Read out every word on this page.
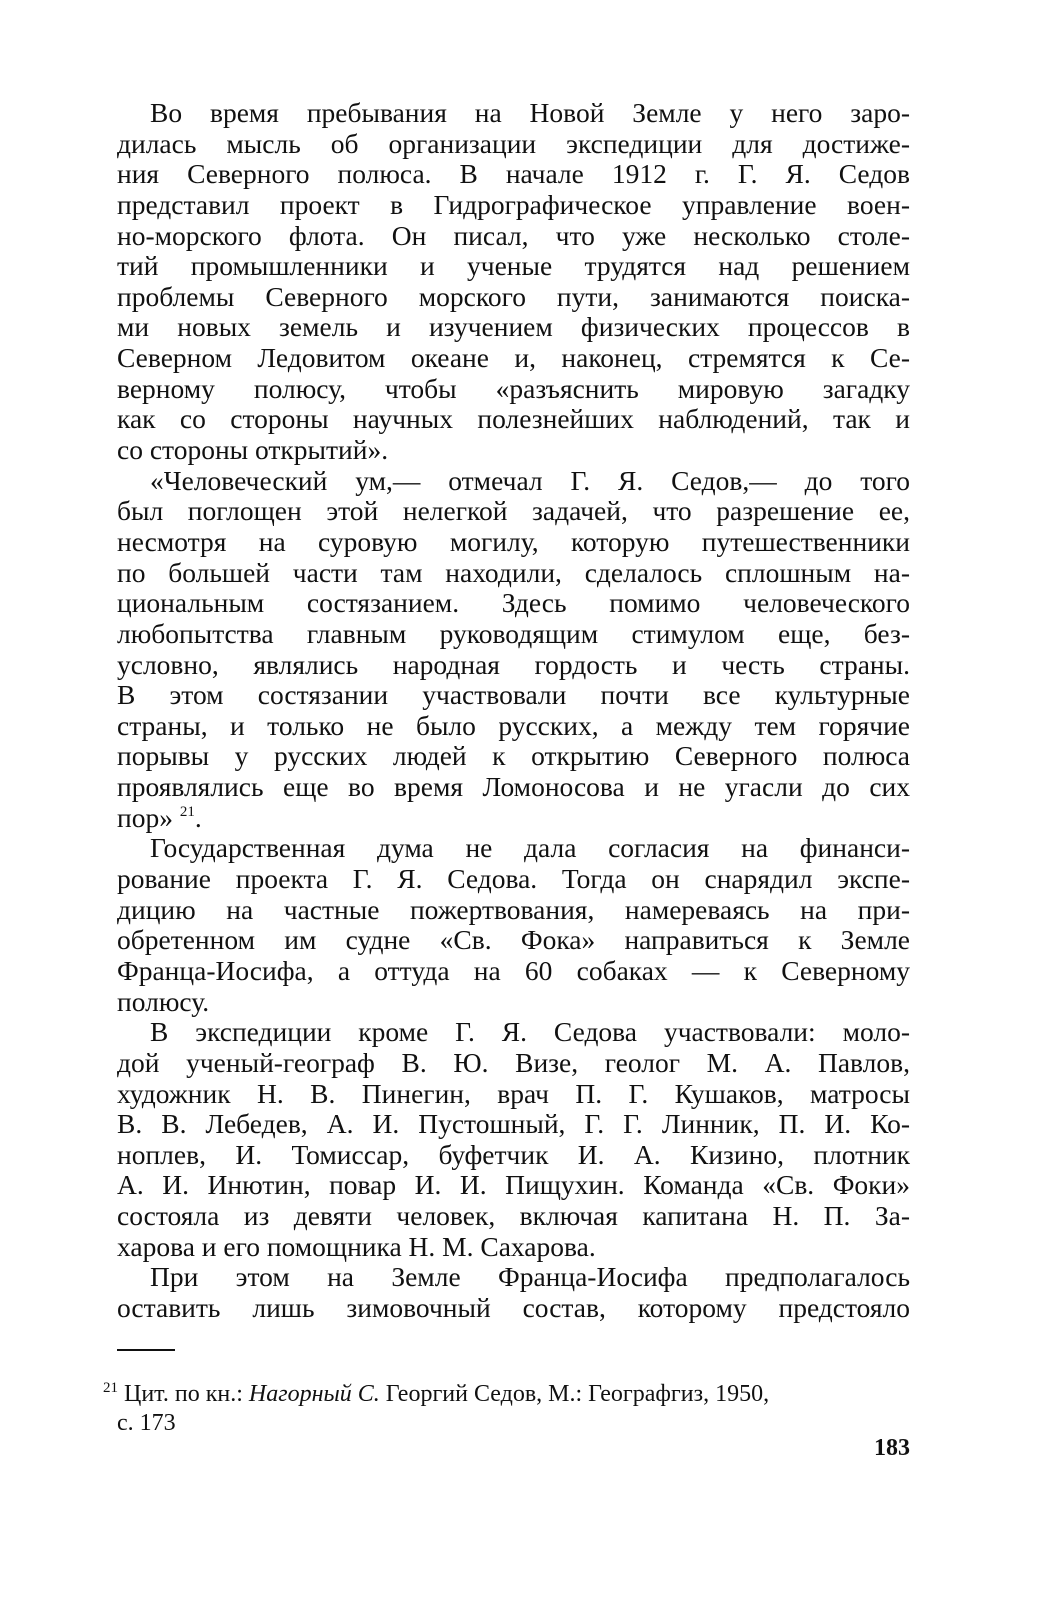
Во время пребывания на Новой Земле у него заро-
дилась мысль об организации экспедиции для достиже-
ния Северного полюса. В начале 1912 г. Г. Я. Седов
представил проект в Гидрографическое управление воен-
но-морского флота. Он писал, что уже несколько столе-
тий промышленники и ученые трудятся над решением
проблемы Северного морского пути, занимаются поиска-
ми новых земель и изучением физических процессов в
Северном Ледовитом океане и, наконец, стремятся к Се-
верному полюсу, чтобы «разъяснить мировую загадку
как со стороны научных полезнейших наблюдений, так и
со стороны открытий».
«Человеческий ум,— отмечал Г. Я. Седов,— до того
был поглощен этой нелегкой задачей, что разрешение ее,
несмотря на суровую могилу, которую путешественники
по большей части там находили, сделалось сплошным на-
циональным состязанием. Здесь помимо человеческого
любопытства главным руководящим стимулом еще, без-
условно, являлись народная гордость и честь страны.
В этом состязании участвовали почти все культурные
страны, и только не было русских, а между тем горячие
порывы у русских людей к открытию Северного полюса
проявлялись еще во время Ломоносова и не угасли до сих
пор» $^{21}$.
Государственная дума не дала согласия на финанси-
рование проекта Г. Я. Седова. Тогда он снарядил экспе-
дицию на частные пожертвования, намереваясь на при-
обретенном им судне «Св. Фока» направиться к Земле
Франца-Иосифа, а оттуда на 60 собаках — к Северному
полюсу.
В экспедиции кроме Г. Я. Седова участвовали: моло-
дой ученый-географ В. Ю. Визе, геолог М. А. Павлов,
художник Н. В. Пинегин, врач П. Г. Кушаков, матросы
В. В. Лебедев, А. И. Пустошный, Г. Г. Линник, П. И. Ко-
ноплев, И. Томиссар, буфетчик И. А. Кизино, плотник
А. И. Инютин, повар И. И. Пищухин. Команда «Св. Фоки»
состояла из девяти человек, включая капитана Н. П. За-
харова и его помощника Н. М. Сахарова.
При этом на Земле Франца-Иосифа предполагалось
оставить лишь зимовочный состав, которому предстояло
$^{21}$ Цит. по кн.: Нагорный С. Георгий Седов, М.: Географгиз, 1950,
с. 173
183
